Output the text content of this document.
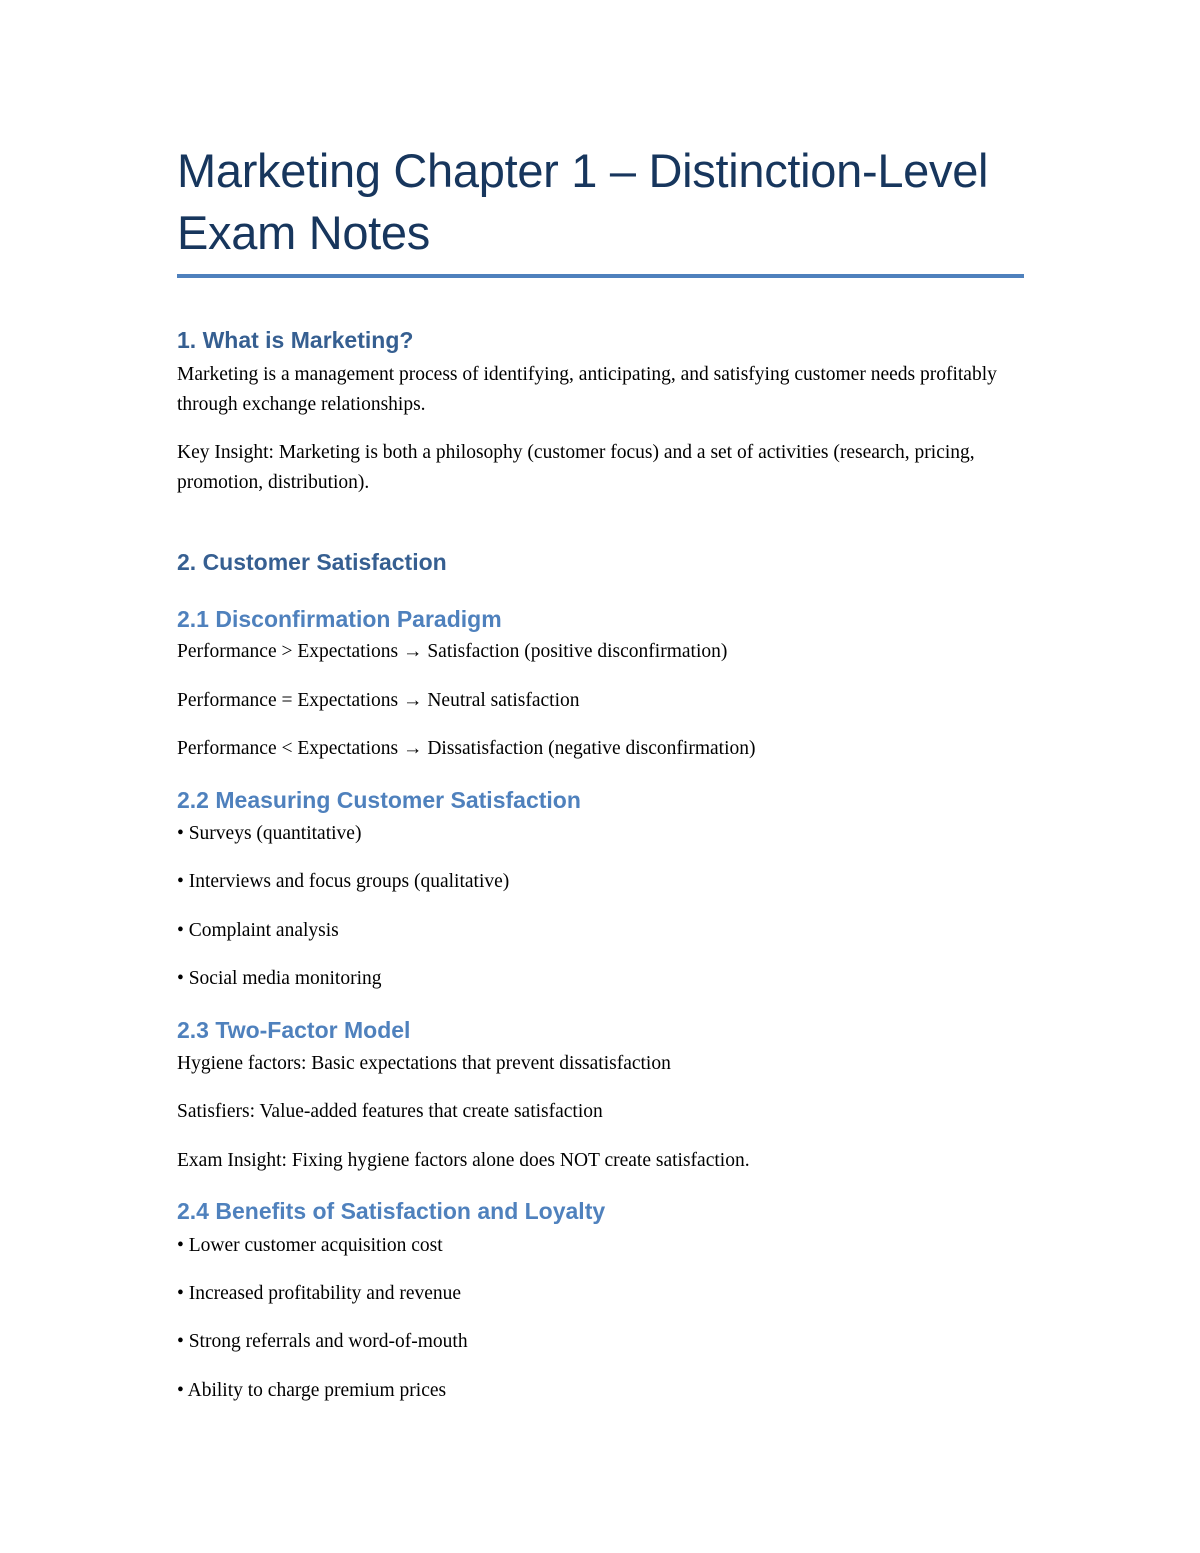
Marketing Chapter 1 – Distinction-Level
Exam Notes
1. What is Marketing?
Marketing is a management process of identifying, anticipating, and satisfying customer needs profitably through exchange relationships.
Key Insight: Marketing is both a philosophy (customer focus) and a set of activities (research, pricing, promotion, distribution).
2. Customer Satisfaction
2.1 Disconfirmation Paradigm
Performance > Expectations → Satisfaction (positive disconfirmation)
Performance = Expectations → Neutral satisfaction
Performance < Expectations → Dissatisfaction (negative disconfirmation)
2.2 Measuring Customer Satisfaction
• Surveys (quantitative)
• Interviews and focus groups (qualitative)
• Complaint analysis
• Social media monitoring
2.3 Two-Factor Model
Hygiene factors: Basic expectations that prevent dissatisfaction
Satisfiers: Value-added features that create satisfaction
Exam Insight: Fixing hygiene factors alone does NOT create satisfaction.
2.4 Benefits of Satisfaction and Loyalty
• Lower customer acquisition cost
• Increased profitability and revenue
• Strong referrals and word-of-mouth
• Ability to charge premium prices
